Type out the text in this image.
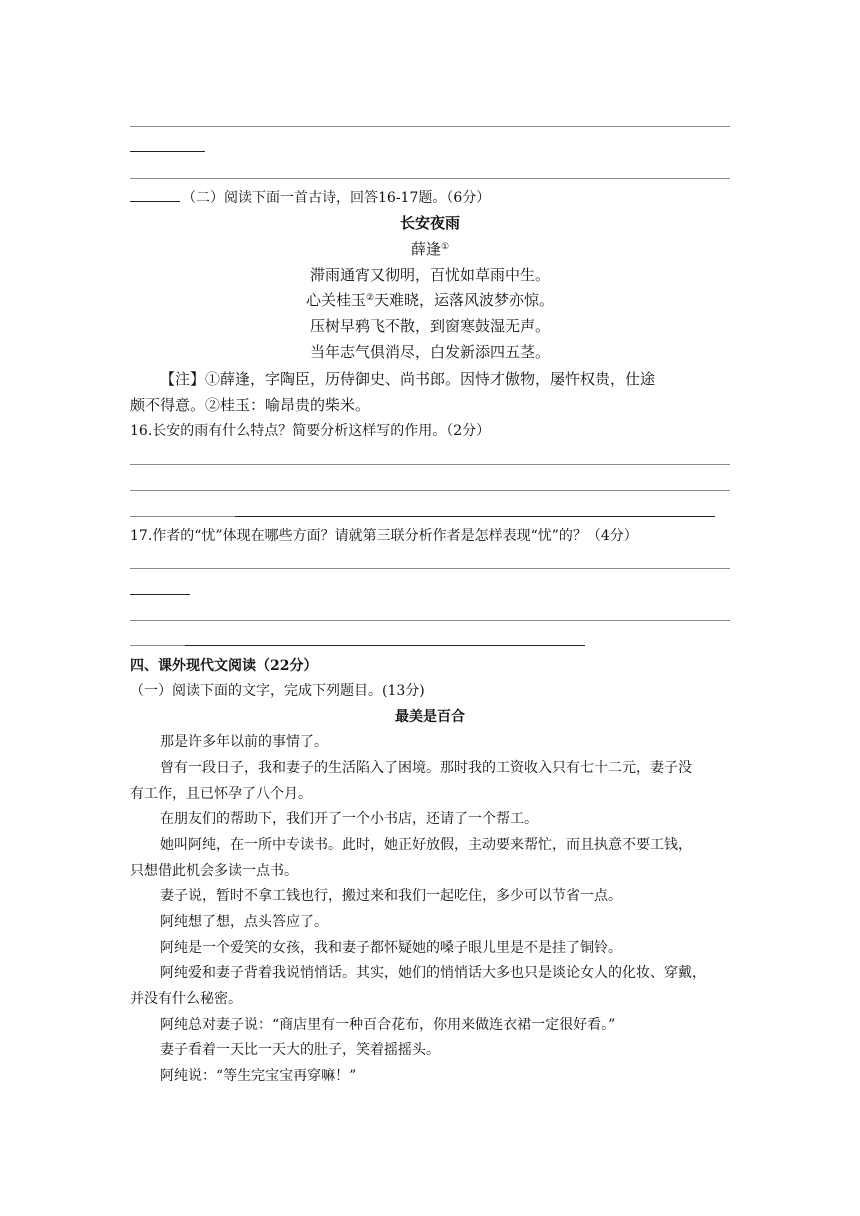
（二）阅读下面一首古诗，回答16-17题。（6分）
长安夜雨
薛逢①
滞雨通宵又彻明，百忧如草雨中生。
心关桂玉②天难晓，运落风波梦亦惊。
压树早鸦飞不散，到窗寒鼓湿无声。
当年志气俱消尽，白发新添四五茎。
【注】①薛逢，字陶臣，历侍御史、尚书郎。因恃才傲物，屡忤权贵，仕途
颇不得意。②桂玉：喻昂贵的柴米。
16.长安的雨有什么特点？简要分析这样写的作用。（2分）
17.作者的“忧”体现在哪些方面？请就第三联分析作者是怎样表现“忧”的？（4分）
四、课外现代文阅读（22分）
（一）阅读下面的文字，完成下列题目。(13分)
最美是百合
那是许多年以前的事情了。
曾有一段日子，我和妻子的生活陷入了困境。那时我的工资收入只有七十二元，妻子没
有工作，且已怀孕了八个月。
在朋友们的帮助下，我们开了一个小书店，还请了一个帮工。
她叫阿纯，在一所中专读书。此时，她正好放假，主动要来帮忙，而且执意不要工钱，
只想借此机会多读一点书。
妻子说，暂时不拿工钱也行，搬过来和我们一起吃住，多少可以节省一点。
阿纯想了想，点头答应了。
阿纯是一个爱笑的女孩，我和妻子都怀疑她的嗓子眼儿里是不是挂了铜铃。
阿纯爱和妻子背着我说悄悄话。其实，她们的悄悄话大多也只是谈论女人的化妆、穿戴，
并没有什么秘密。
阿纯总对妻子说：“商店里有一种百合花布，你用来做连衣裙一定很好看。”
妻子看着一天比一天大的肚子，笑着摇摇头。
阿纯说：“等生完宝宝再穿嘛！”
